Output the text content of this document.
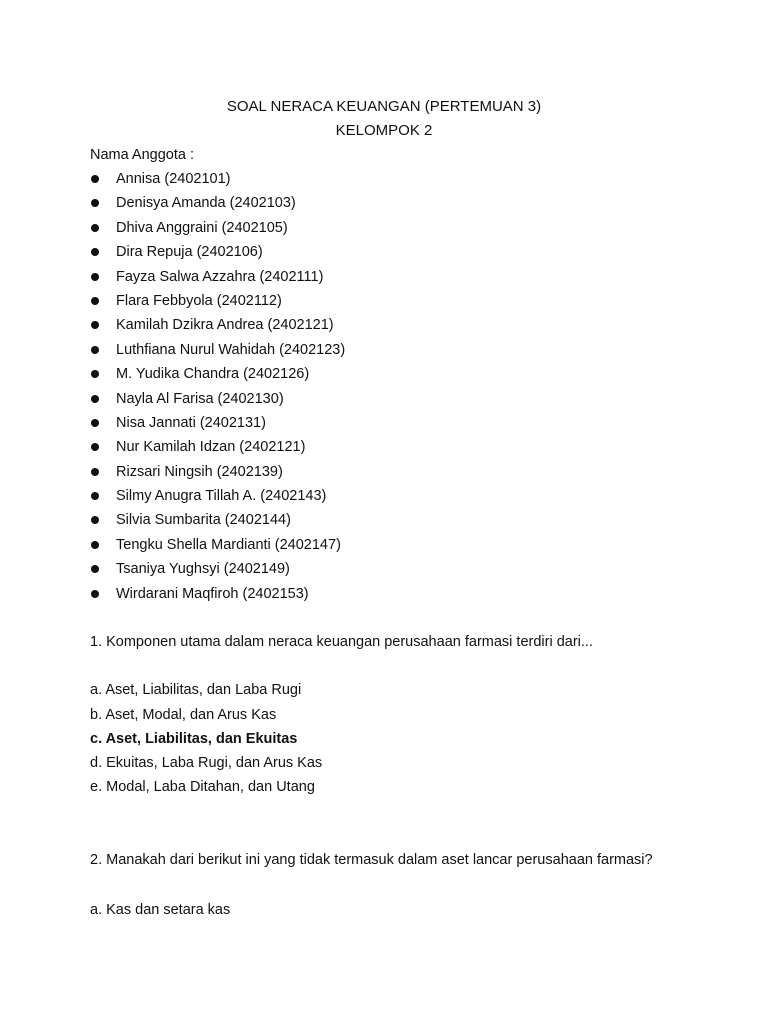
SOAL NERACA KEUANGAN (PERTEMUAN 3)
KELOMPOK 2
Nama Anggota :
Annisa (2402101)
Denisya Amanda (2402103)
Dhiva Anggraini (2402105)
Dira Repuja (2402106)
Fayza Salwa Azzahra (2402111)
Flara Febbyola (2402112)
Kamilah Dzikra Andrea (2402121)
Luthfiana Nurul Wahidah (2402123)
M. Yudika Chandra (2402126)
Nayla Al Farisa (2402130)
Nisa Jannati (2402131)
Nur Kamilah Idzan (2402121)
Rizsari Ningsih (2402139)
Silmy Anugra Tillah A. (2402143)
Silvia Sumbarita (2402144)
Tengku Shella Mardianti (2402147)
Tsaniya Yughsyi (2402149)
Wirdarani Maqfiroh (2402153)
1. Komponen utama dalam neraca keuangan perusahaan farmasi terdiri dari...
a. Aset, Liabilitas, dan Laba Rugi
b. Aset, Modal, dan Arus Kas
c. Aset, Liabilitas, dan Ekuitas
d. Ekuitas, Laba Rugi, dan Arus Kas
e. Modal, Laba Ditahan, dan Utang
2. Manakah dari berikut ini yang tidak termasuk dalam aset lancar perusahaan farmasi?
a. Kas dan setara kas
